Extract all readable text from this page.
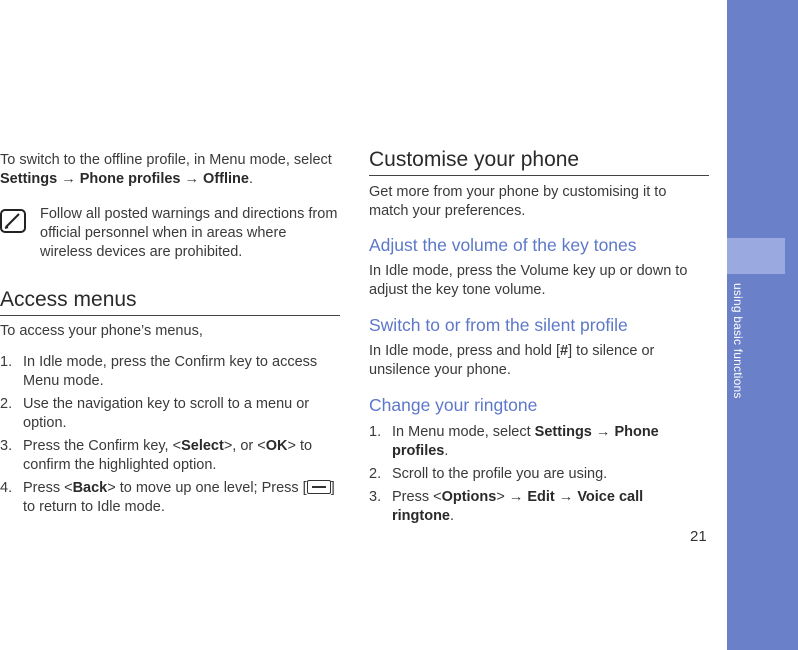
using basic functions

To switch to the offline profile, in Menu mode, select
Settings → Phone profiles → Offline.

Follow all posted warnings and directions from official personnel when in areas where wireless devices are prohibited.

Access menus

To access your phone’s menus,

1. In Idle mode, press the Confirm key to access Menu mode.
2. Use the navigation key to scroll to a menu or option.
3. Press the Confirm key, <Select>, or <OK> to confirm the highlighted option.
4. Press <Back> to move up one level; Press [ ] to return to Idle mode.
Customise your phone

Get more from your phone by customising it to match your preferences.

Adjust the volume of the key tones

In Idle mode, press the Volume key up or down to adjust the key tone volume.

Switch to or from the silent profile

In Idle mode, press and hold [#] to silence or unsilence your phone.

Change your ringtone
1. In Menu mode, select Settings → Phone profiles.
2. Scroll to the profile you are using.
3. Press <Options> → Edit → Voice call ringtone.
21
